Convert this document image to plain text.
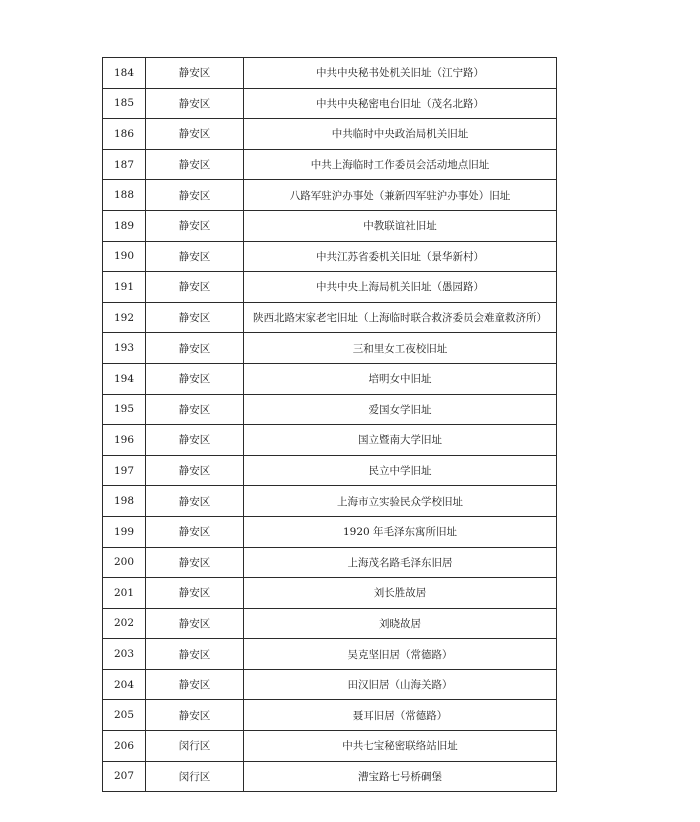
184	静安区	中共中央秘书处机关旧址（江宁路）
185	静安区	中共中央秘密电台旧址（茂名北路）
186	静安区	中共临时中央政治局机关旧址
187	静安区	中共上海临时工作委员会活动地点旧址
188	静安区	八路军驻沪办事处（兼新四军驻沪办事处）旧址
189	静安区	中教联谊社旧址
190	静安区	中共江苏省委机关旧址（景华新村）
191	静安区	中共中央上海局机关旧址（愚园路）
192	静安区	陕西北路宋家老宅旧址（上海临时联合救济委员会难童救济所）
193	静安区	三和里女工夜校旧址
194	静安区	培明女中旧址
195	静安区	爱国女学旧址
196	静安区	国立暨南大学旧址
197	静安区	民立中学旧址
198	静安区	上海市立实验民众学校旧址
199	静安区	1920 年毛泽东寓所旧址
200	静安区	上海茂名路毛泽东旧居
201	静安区	刘长胜故居
202	静安区	刘晓故居
203	静安区	吴克坚旧居（常德路）
204	静安区	田汉旧居（山海关路）
205	静安区	聂耳旧居（常德路）
206	闵行区	中共七宝秘密联络站旧址
207	闵行区	漕宝路七号桥碉堡
